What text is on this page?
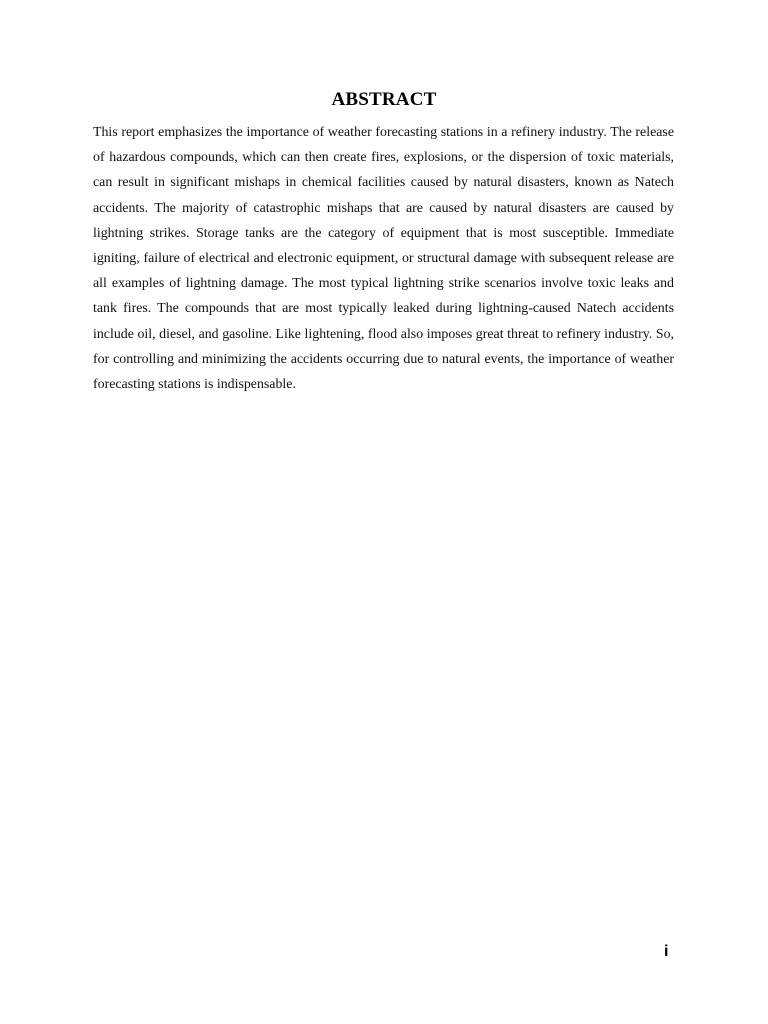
ABSTRACT

This report emphasizes the importance of weather forecasting stations in a refinery industry. The release of hazardous compounds, which can then create fires, explosions, or the dispersion of toxic materials, can result in significant mishaps in chemical facilities caused by natural disasters, known as Natech accidents. The majority of catastrophic mishaps that are caused by natural disasters are caused by lightning strikes. Storage tanks are the category of equipment that is most susceptible. Immediate igniting, failure of electrical and electronic equipment, or structural damage with subsequent release are all examples of lightning damage. The most typical lightning strike scenarios involve toxic leaks and tank fires. The compounds that are most typically leaked during lightning-caused Natech accidents include oil, diesel, and gasoline. Like lightening, flood also imposes great threat to refinery industry. So, for controlling and minimizing the accidents occurring due to natural events, the importance of weather forecasting stations is indispensable.

i
